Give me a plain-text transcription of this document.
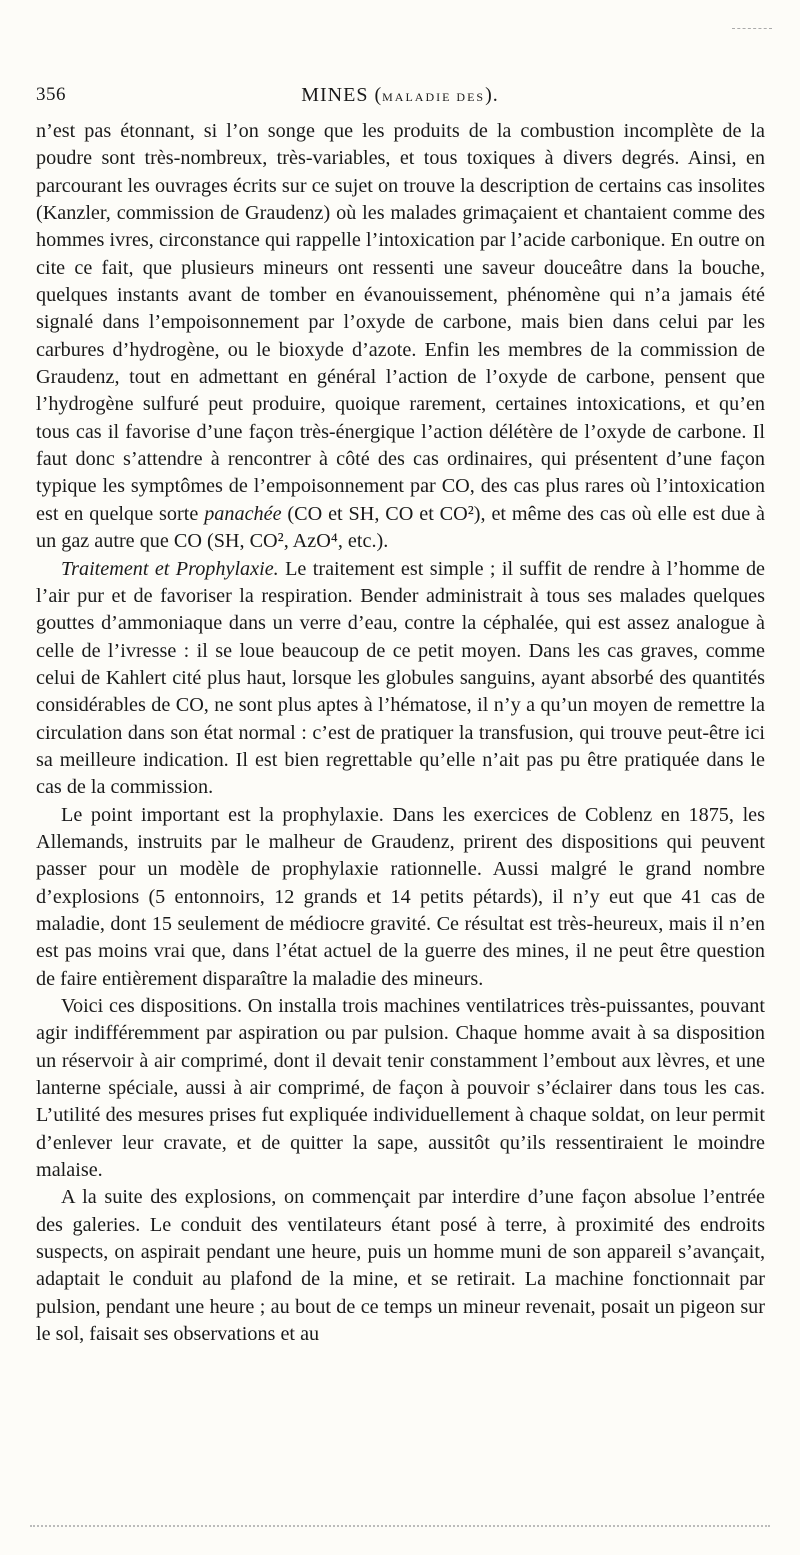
356	MINES (MALADIE DES).

n’est pas étonnant, si l’on songe que les produits de la combustion incomplète de la poudre sont très-nombreux, très-variables, et tous toxiques à divers degrés. Ainsi, en parcourant les ouvrages écrits sur ce sujet on trouve la description de certains cas insolites (Kanzler, commission de Graudenz) où les malades grimaçaient et chantaient comme des hommes ivres, circonstance qui rappelle l’intoxication par l’acide carbonique. En outre on cite ce fait, que plusieurs mineurs ont ressenti une saveur douceâtre dans la bouche, quelques instants avant de tomber en évanouissement, phénomène qui n’a jamais été signalé dans l’empoisonnement par l’oxyde de carbone, mais bien dans celui par les carbures d’hydrogène, ou le bioxyde d’azote. Enfin les membres de la commission de Graudenz, tout en admettant en général l’action de l’oxyde de carbone, pensent que l’hydrogène sulfuré peut produire, quoique rarement, certaines intoxications, et qu’en tous cas il favorise d’une façon très-énergique l’action délétère de l’oxyde de carbone. Il faut donc s’attendre à rencontrer à côté des cas ordinaires, qui présentent d’une façon typique les symptômes de l’empoisonnement par CO, des cas plus rares où l’intoxication est en quelque sorte panachée (CO et SH, CO et CO²), et même des cas où elle est due à un gaz autre que CO (SH, CO², AzO⁴, etc.).

Traitement et Prophylaxie. Le traitement est simple ; il suffit de rendre à l’homme de l’air pur et de favoriser la respiration. Bender administrait à tous ses malades quelques gouttes d’ammoniaque dans un verre d’eau, contre la céphalée, qui est assez analogue à celle de l’ivresse : il se loue beaucoup de ce petit moyen. Dans les cas graves, comme celui de Kahlert cité plus haut, lorsque les globules sanguins, ayant absorbé des quantités considérables de CO, ne sont plus aptes à l’hématose, il n’y a qu’un moyen de remettre la circulation dans son état normal : c’est de pratiquer la transfusion, qui trouve peut-être ici sa meilleure indication. Il est bien regrettable qu’elle n’ait pas pu être pratiquée dans le cas de la commission.

Le point important est la prophylaxie. Dans les exercices de Coblenz en 1875, les Allemands, instruits par le malheur de Graudenz, prirent des dispositions qui peuvent passer pour un modèle de prophylaxie rationnelle. Aussi malgré le grand nombre d’explosions (5 entonnoirs, 12 grands et 14 petits pétards), il n’y eut que 41 cas de maladie, dont 15 seulement de médiocre gravité. Ce résultat est très-heureux, mais il n’en est pas moins vrai que, dans l’état actuel de la guerre des mines, il ne peut être question de faire entièrement disparaître la maladie des mineurs.

Voici ces dispositions. On installa trois machines ventilatrices très-puissantes, pouvant agir indifféremment par aspiration ou par pulsion. Chaque homme avait à sa disposition un réservoir à air comprimé, dont il devait tenir constamment l’embout aux lèvres, et une lanterne spéciale, aussi à air comprimé, de façon à pouvoir s’éclairer dans tous les cas. L’utilité des mesures prises fut expliquée individuellement à chaque soldat, on leur permit d’enlever leur cravate, et de quitter la sape, aussitôt qu’ils ressentiraient le moindre malaise.

A la suite des explosions, on commençait par interdire d’une façon absolue l’entrée des galeries. Le conduit des ventilateurs étant posé à terre, à proximité des endroits suspects, on aspirait pendant une heure, puis un homme muni de son appareil s’avançait, adaptait le conduit au plafond de la mine, et se retirait. La machine fonctionnait par pulsion, pendant une heure ; au bout de ce temps un mineur revenait, posait un pigeon sur le sol, faisait ses observations et au
